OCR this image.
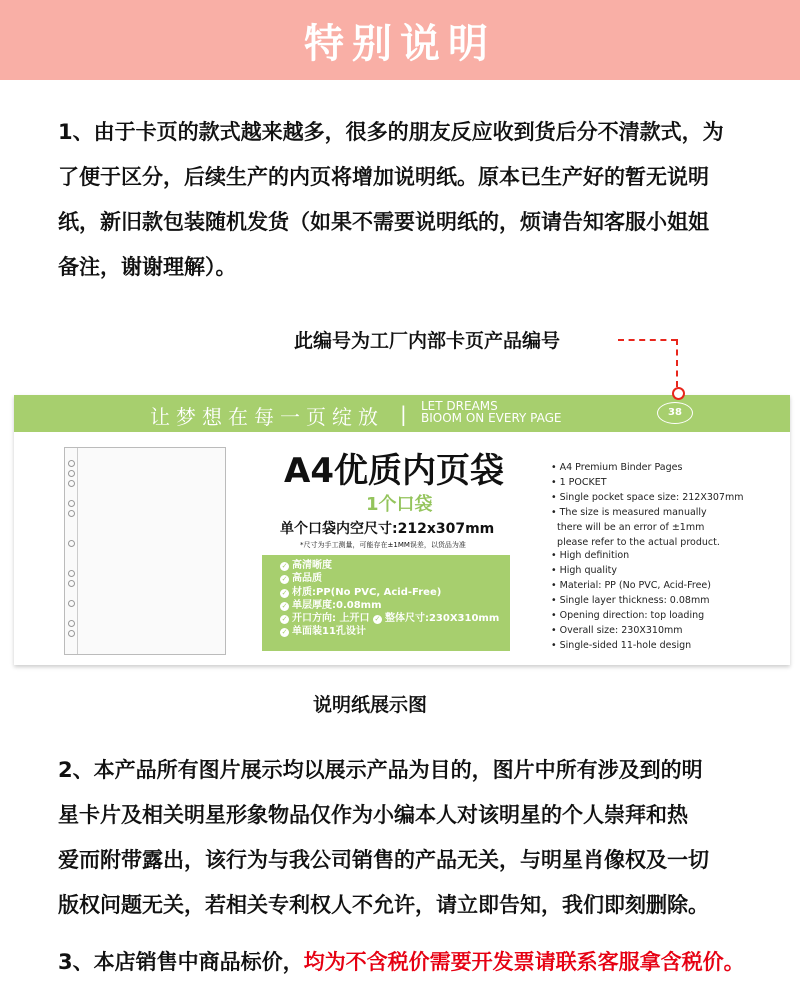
特别说明
1、由于卡页的款式越来越多，很多的朋友反应收到货后分不清款式，为
了便于区分，后续生产的内页将增加说明纸。原本已生产好的暂无说明
纸，新旧款包装随机发货（如果不需要说明纸的，烦请告知客服小姐姐
备注，谢谢理解）。
此编号为工厂内部卡页产品编号
让梦想在每一页绽放 | LET DREAMS
BIOOM ON EVERY PAGE	38
A4优质内页袋
1个口袋
单个口袋内空尺寸:212x307mm
*尺寸为手工测量，可能存在±1MM误差，以货品为准
✓ 高清晰度
✓ 高品质
✓ 材质:PP(No PVC, Acid-Free)
✓ 单层厚度:0.08mm
✓ 开口方向: 上开口 ✓ 整体尺寸:230X310mm
✓ 单面装11孔设计

• A4 Premium Binder Pages
• 1 POCKET
• Single pocket space size: 212X307mm
• The size is measured manually
there will be an error of ±1mm
please refer to the actual product.

• High definition
• High quality
• Material: PP (No PVC, Acid-Free)
• Single layer thickness: 0.08mm
• Opening direction: top loading
• Overall size: 230X310mm
• Single-sided 11-hole design
说明纸展示图
2、本产品所有图片展示均以展示产品为目的，图片中所有涉及到的明
星卡片及相关明星形象物品仅作为小编本人对该明星的个人崇拜和热
爱而附带露出，该行为与我公司销售的产品无关，与明星肖像权及一切
版权问题无关，若相关专利权人不允许，请立即告知，我们即刻删除。
3、本店销售中商品标价，均为不含税价需要开发票请联系客服拿含税价。
